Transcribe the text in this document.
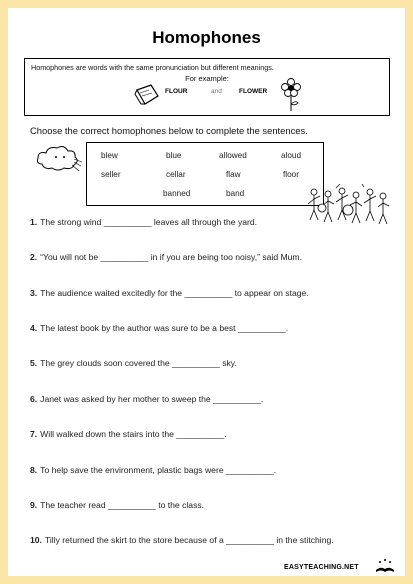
Homophones
Homophones are words with the same pronunciation but different meanings.
For example:
FLOUR	and	FLOWER
Choose the correct homophones below to complete the sentences.
blew	blue	allowed	aloud
seller	cellar	flaw	floor
banned	band
1. The strong wind __________ leaves all through the yard.
2. “You will not be __________ in if you are being too noisy,” said Mum.
3. The audience waited excitedly for the __________ to appear on stage.
4. The latest book by the author was sure to be a best __________.
5. The grey clouds soon covered the __________ sky.
6. Janet was asked by her mother to sweep the __________.
7. Will walked down the stairs into the __________.
8. To help save the environment, plastic bags were __________.
9. The teacher read __________ to the class.
10. Tilly returned the skirt to the store because of a __________ in the stitching.
EASYTEACHING.NET
